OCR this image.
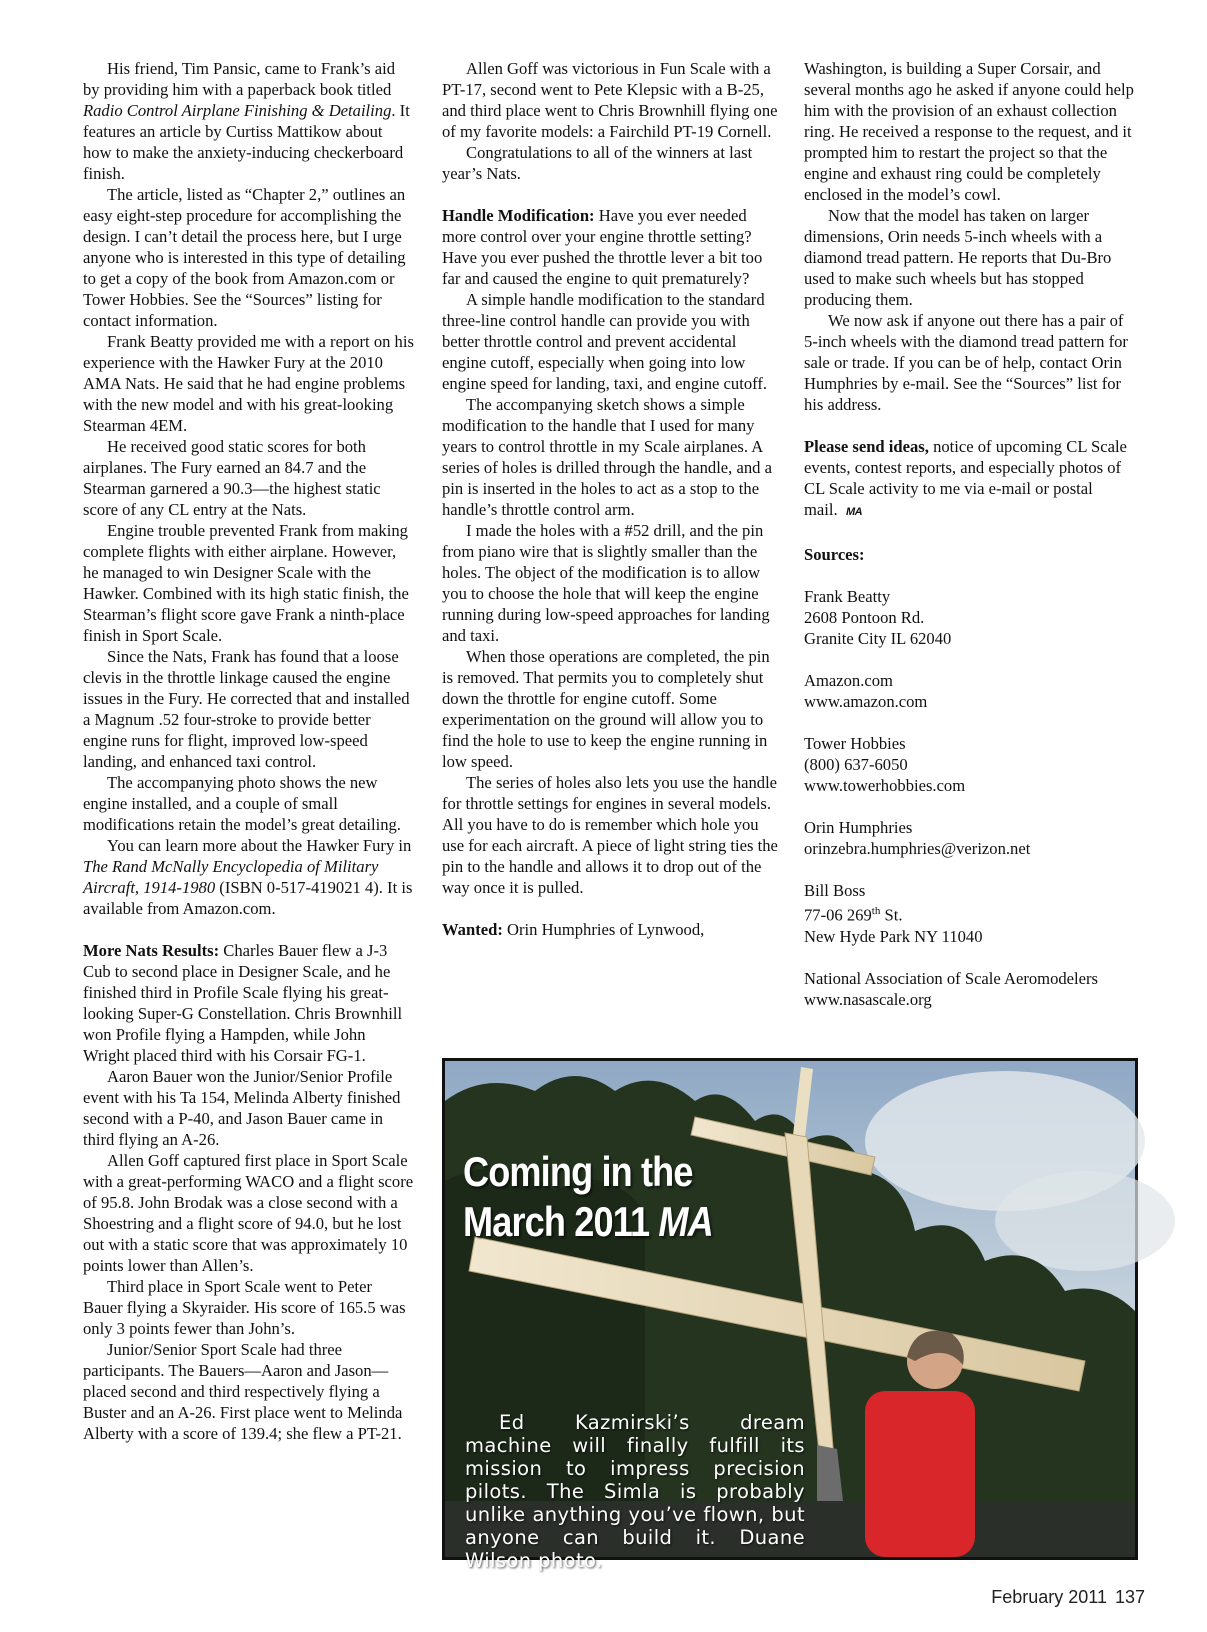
His friend, Tim Pansic, came to Frank’s aid by providing him with a paperback book titled Radio Control Airplane Finishing & Detailing. It features an article by Curtiss Mattikow about how to make the anxiety-inducing checkerboard finish.

The article, listed as “Chapter 2,” outlines an easy eight-step procedure for accomplishing the design. I can’t detail the process here, but I urge anyone who is interested in this type of detailing to get a copy of the book from Amazon.com or Tower Hobbies. See the “Sources” listing for contact information.

Frank Beatty provided me with a report on his experience with the Hawker Fury at the 2010 AMA Nats. He said that he had engine problems with the new model and with his great-looking Stearman 4EM.

He received good static scores for both airplanes. The Fury earned an 84.7 and the Stearman garnered a 90.3—the highest static score of any CL entry at the Nats.

Engine trouble prevented Frank from making complete flights with either airplane. However, he managed to win Designer Scale with the Hawker. Combined with its high static finish, the Stearman’s flight score gave Frank a ninth-place finish in Sport Scale.

Since the Nats, Frank has found that a loose clevis in the throttle linkage caused the engine issues in the Fury. He corrected that and installed a Magnum .52 four-stroke to provide better engine runs for flight, improved low-speed landing, and enhanced taxi control.

The accompanying photo shows the new engine installed, and a couple of small modifications retain the model’s great detailing.

You can learn more about the Hawker Fury in The Rand McNally Encyclopedia of Military Aircraft, 1914-1980 (ISBN 0-517-419021 4). It is available from Amazon.com.

More Nats Results: Charles Bauer flew a J-3 Cub to second place in Designer Scale, and he finished third in Profile Scale flying his great-looking Super-G Constellation. Chris Brownhill won Profile flying a Hampden, while John Wright placed third with his Corsair FG-1.

Aaron Bauer won the Junior/Senior Profile event with his Ta 154, Melinda Alberty finished second with a P-40, and Jason Bauer came in third flying an A-26.

Allen Goff captured first place in Sport Scale with a great-performing WACO and a flight score of 95.8. John Brodak was a close second with a Shoestring and a flight score of 94.0, but he lost out with a static score that was approximately 10 points lower than Allen’s.

Third place in Sport Scale went to Peter Bauer flying a Skyraider. His score of 165.5 was only 3 points fewer than John’s.

Junior/Senior Sport Scale had three participants. The Bauers—Aaron and Jason—placed second and third respectively flying a Buster and an A-26. First place went to Melinda Alberty with a score of 139.4; she flew a PT-21.

Allen Goff was victorious in Fun Scale with a PT-17, second went to Pete Klepsic with a B-25, and third place went to Chris Brownhill flying one of my favorite models: a Fairchild PT-19 Cornell.

Congratulations to all of the winners at last year’s Nats.

Handle Modification: Have you ever needed more control over your engine throttle setting? Have you ever pushed the throttle lever a bit too far and caused the engine to quit prematurely?

A simple handle modification to the standard three-line control handle can provide you with better throttle control and prevent accidental engine cutoff, especially when going into low engine speed for landing, taxi, and engine cutoff.

The accompanying sketch shows a simple modification to the handle that I used for many years to control throttle in my Scale airplanes. A series of holes is drilled through the handle, and a pin is inserted in the holes to act as a stop to the handle’s throttle control arm.

I made the holes with a #52 drill, and the pin from piano wire that is slightly smaller than the holes. The object of the modification is to allow you to choose the hole that will keep the engine running during low-speed approaches for landing and taxi.

When those operations are completed, the pin is removed. That permits you to completely shut down the throttle for engine cutoff. Some experimentation on the ground will allow you to find the hole to use to keep the engine running in low speed.

The series of holes also lets you use the handle for throttle settings for engines in several models. All you have to do is remember which hole you use for each aircraft. A piece of light string ties the pin to the handle and allows it to drop out of the way once it is pulled.

Wanted: Orin Humphries of Lynwood,

Washington, is building a Super Corsair, and several months ago he asked if anyone could help him with the provision of an exhaust collection ring. He received a response to the request, and it prompted him to restart the project so that the engine and exhaust ring could be completely enclosed in the model’s cowl.

Now that the model has taken on larger dimensions, Orin needs 5-inch wheels with a diamond tread pattern. He reports that Du-Bro used to make such wheels but has stopped producing them.

We now ask if anyone out there has a pair of 5-inch wheels with the diamond tread pattern for sale or trade. If you can be of help, contact Orin Humphries by e-mail. See the “Sources” list for his address.

Please send ideas, notice of upcoming CL Scale events, contest reports, and especially photos of CL Scale activity to me via e-mail or postal mail. MA

Sources:

Frank Beatty
2608 Pontoon Rd.
Granite City IL 62040
Amazon.com
www.amazon.com
Tower Hobbies
(800) 637-6050
www.towerhobbies.com
Orin Humphries
orinzebra.humphries@verizon.net
Bill Boss
77-06 269th St.
New Hyde Park NY 11040
National Association of Scale Aeromodelers
www.nasascale.org
Coming in the
March 2011 MA
Ed Kazmirski’s dream machine will finally fulfill its mission to impress precision pilots. The Simla is probably unlike anything you’ve flown, but anyone can build it. Duane Wilson photo.
February 2011 137
